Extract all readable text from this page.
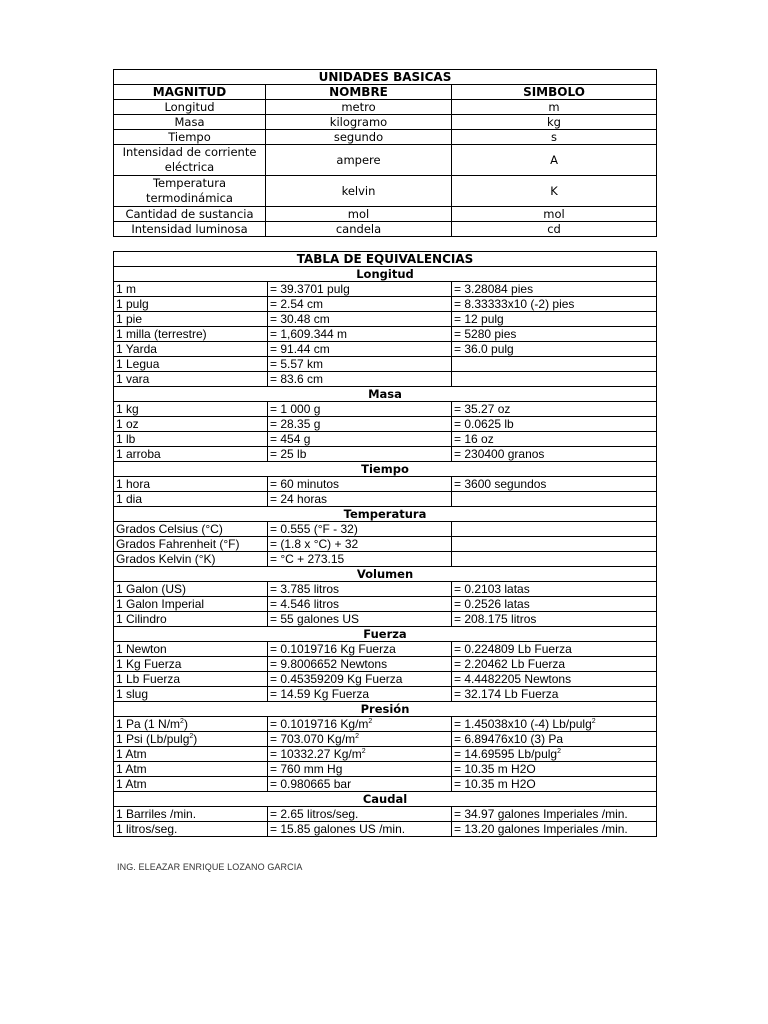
UNIDADES BASICAS		
MAGNITUD	NOMBRE	SIMBOLO
Longitud	metro	m
Masa	kilogramo	kg
Tiempo	segundo	s
Intensidad de corriente eléctrica	ampere	A
Temperatura termodinámica	kelvin	K
Cantidad de sustancia	mol	mol
Intensidad luminosa	candela	cd
TABLA DE EQUIVALENCIAS		
Longitud		
1 m	= 39.3701 pulg	= 3.28084 pies
1 pulg	= 2.54 cm	= 8.33333x10 (-2) pies
1 pie	= 30.48 cm	= 12 pulg
1 milla (terrestre)	= 1,609.344 m	= 5280 pies
1 Yarda	= 91.44 cm	= 36.0 pulg
1 Legua	= 5.57 km	
1 vara	= 83.6 cm	
Masa		
1 kg	= 1 000 g	= 35.27 oz
1 oz	= 28.35 g	= 0.0625 lb
1 lb	= 454 g	= 16 oz
1 arroba	= 25 lb	= 230400 granos
Tiempo		
1 hora	= 60 minutos	= 3600 segundos
1 dia	= 24 horas	
Temperatura		
Grados Celsius (°C)	= 0.555 (°F - 32)	
Grados Fahrenheit (°F)	= (1.8 x °C) + 32	
Grados Kelvin (°K)	= °C + 273.15	
Volumen		
1 Galon (US)	= 3.785 litros	= 0.2103 latas
1 Galon Imperial	= 4.546 litros	= 0.2526 latas
1 Cilindro	= 55 galones US	= 208.175 litros
Fuerza		
1 Newton	= 0.1019716 Kg Fuerza	= 0.224809 Lb Fuerza
1 Kg Fuerza	= 9.8006652 Newtons	= 2.20462 Lb Fuerza
1 Lb Fuerza	= 0.45359209 Kg Fuerza	= 4.4482205 Newtons
1 slug	= 14.59 Kg Fuerza	= 32.174 Lb Fuerza
Presión		
1 Pa (1 $N/m^2$)	= 0.1019716 $Kg/m^2$	= 1.45038x10 (-4) Lb/pulg$^2$
1 Psi (Lb/pulg$^2$)	= 703.070 $Kg/m^2$	= 6.89476x10 (3) Pa
1 Atm	= 10332.27 $Kg/m^2$	= 14.69595 Lb/pulg$^2$
1 Atm	= 760 mm Hg	= 10.35 m H2O
1 Atm	= 0.980665 bar	= 10.35 m H2O
Caudal		
1 Barriles /min.	= 2.65 litros/seg.	= 34.97 galones Imperiales /min.
1 litros/seg.	= 15.85 galones US /min.	= 13.20 galones Imperiales /min.
ING. ELEAZAR ENRIQUE LOZANO GARCIA
